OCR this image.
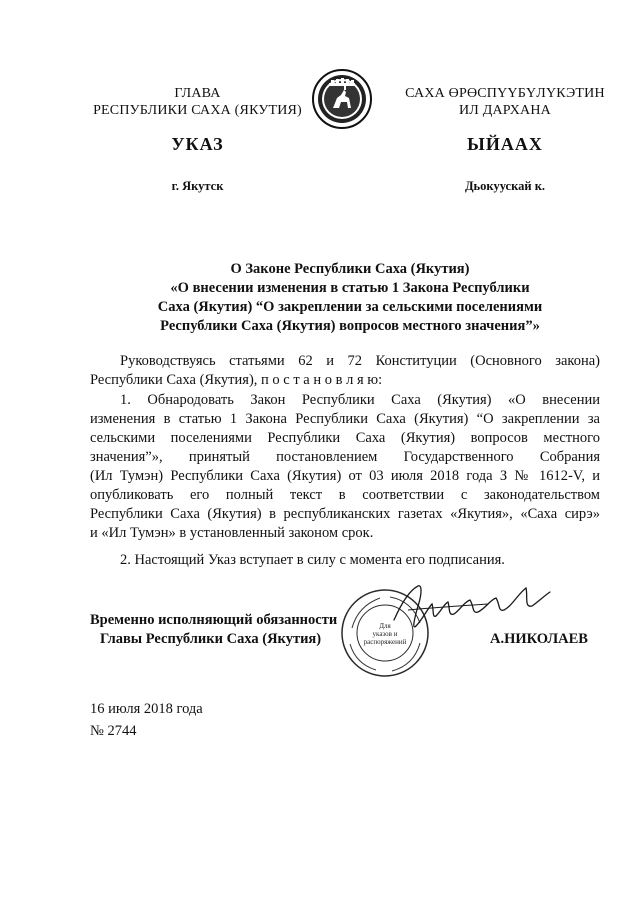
ГЛАВА
РЕСПУБЛИКИ САХА (ЯКУТИЯ)
САХА ӨРӨСПҮҮБҮЛҮКЭТИН
ИЛ ДАРХАНА
УКАЗ	ЫЙААХ
г. Якутск	Дьокуускай к.
О Законе Республики Саха (Якутия)
«О внесении изменения в статью 1 Закона Республики
Саха (Якутия) “О закреплении за сельскими поселениями
Республики Саха (Якутия) вопросов местного значения”»
Руководствуясь статьями 62 и 72 Конституции (Основного закона)
Республики Саха (Якутия), п о с т а н о в л я ю:
1. Обнародовать Закон Республики Саха (Якутия) «О внесении
изменения в статью 1 Закона Республики Саха (Якутия) “О закреплении за
сельскими поселениями Республики Саха (Якутия) вопросов местного
значения”», принятый постановлением Государственного Собрания
(Ил Тумэн) Республики Саха (Якутия) от 03 июля 2018 года З № 1612-V, и
опубликовать его полный текст в соответствии с законодательством
Республики Саха (Якутия) в республиканских газетах «Якутия», «Саха сирэ»
и «Ил Тумэн» в установленный законом срок.
2. Настоящий Указ вступает в силу с момента его подписания.
Временно исполняющий обязанности
Главы Республики Саха (Якутия)
Для
указов и
распоряжений	А.НИКОЛАЕВ
16 июля 2018 года
№ 2744
